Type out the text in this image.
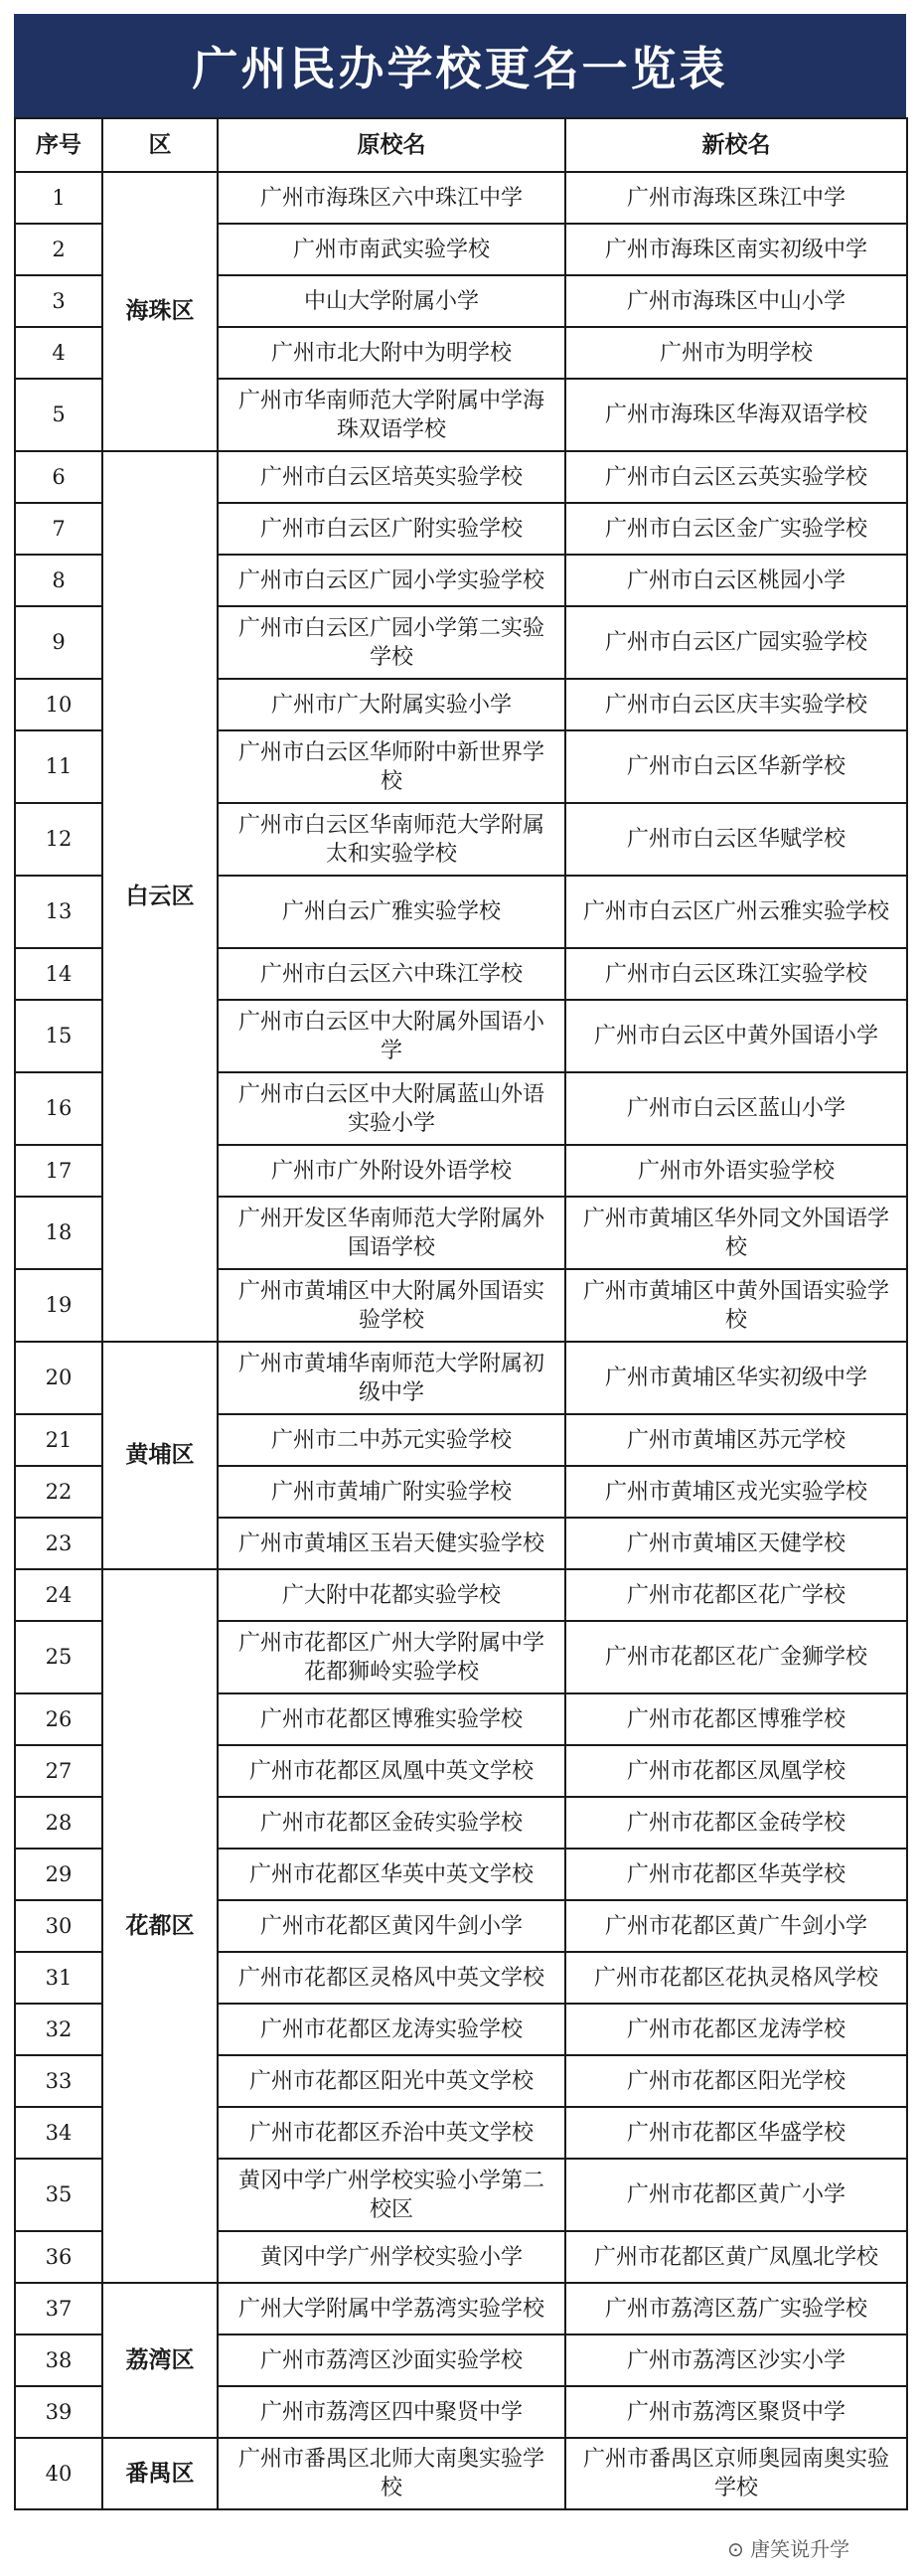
广州民办学校更名一览表
序号	区	原校名	新校名
1	海珠区	广州市海珠区六中珠江中学	广州市海珠区珠江中学
2		广州市南武实验学校	广州市海珠区南实初级中学
3		中山大学附属小学	广州市海珠区中山小学
4		广州市北大附中为明学校	广州市为明学校
5		广州市华南师范大学附属中学海珠双语学校	广州市海珠区华海双语学校
6	白云区	广州市白云区培英实验学校	广州市白云区云英实验学校
7		广州市白云区广附实验学校	广州市白云区金广实验学校
8		广州市白云区广园小学实验学校	广州市白云区桃园小学
9		广州市白云区广园小学第二实验学校	广州市白云区广园实验学校
10		广州市广大附属实验小学	广州市白云区庆丰实验学校
11		广州市白云区华师附中新世界学校	广州市白云区华新学校
12		广州市白云区华南师范大学附属太和实验学校	广州市白云区华赋学校
13		广州白云广雅实验学校	广州市白云区广州云雅实验学校
14		广州市白云区六中珠江学校	广州市白云区珠江实验学校
15		广州市白云区中大附属外国语小学	广州市白云区中黄外国语小学
16		广州市白云区中大附属蓝山外语实验小学	广州市白云区蓝山小学
17		广州市广外附设外语学校	广州市外语实验学校
18		广州开发区华南师范大学附属外国语学校	广州市黄埔区华外同文外国语学校
19		广州市黄埔区中大附属外国语实验学校	广州市黄埔区中黄外国语实验学校
20	黄埔区	广州市黄埔华南师范大学附属初级中学	广州市黄埔区华实初级中学
21		广州市二中苏元实验学校	广州市黄埔区苏元学校
22		广州市黄埔广附实验学校	广州市黄埔区戎光实验学校
23		广州市黄埔区玉岩天健实验学校	广州市黄埔区天健学校
24	花都区	广大附中花都实验学校	广州市花都区花广学校
25		广州市花都区广州大学附属中学花都狮岭实验学校	广州市花都区花广金狮学校
26		广州市花都区博雅实验学校	广州市花都区博雅学校
27		广州市花都区凤凰中英文学校	广州市花都区凤凰学校
28		广州市花都区金砖实验学校	广州市花都区金砖学校
29		广州市花都区华英中英文学校	广州市花都区华英学校
30		广州市花都区黄冈牛剑小学	广州市花都区黄广牛剑小学
31		广州市花都区灵格风中英文学校	广州市花都区花执灵格风学校
32		广州市花都区龙涛实验学校	广州市花都区龙涛学校
33		广州市花都区阳光中英文学校	广州市花都区阳光学校
34		广州市花都区乔治中英文学校	广州市花都区华盛学校
35		黄冈中学广州学校实验小学第二校区	广州市花都区黄广小学
36		黄冈中学广州学校实验小学	广州市花都区黄广凤凰北学校
37	荔湾区	广州大学附属中学荔湾实验学校	广州市荔湾区荔广实验学校
38		广州市荔湾区沙面实验学校	广州市荔湾区沙实小学
39		广州市荔湾区四中聚贤中学	广州市荔湾区聚贤中学
40	番禺区	广州市番禺区北师大南奥实验学校	广州市番禺区京师奥园南奥实验学校
⊙ 唐笑说升学
